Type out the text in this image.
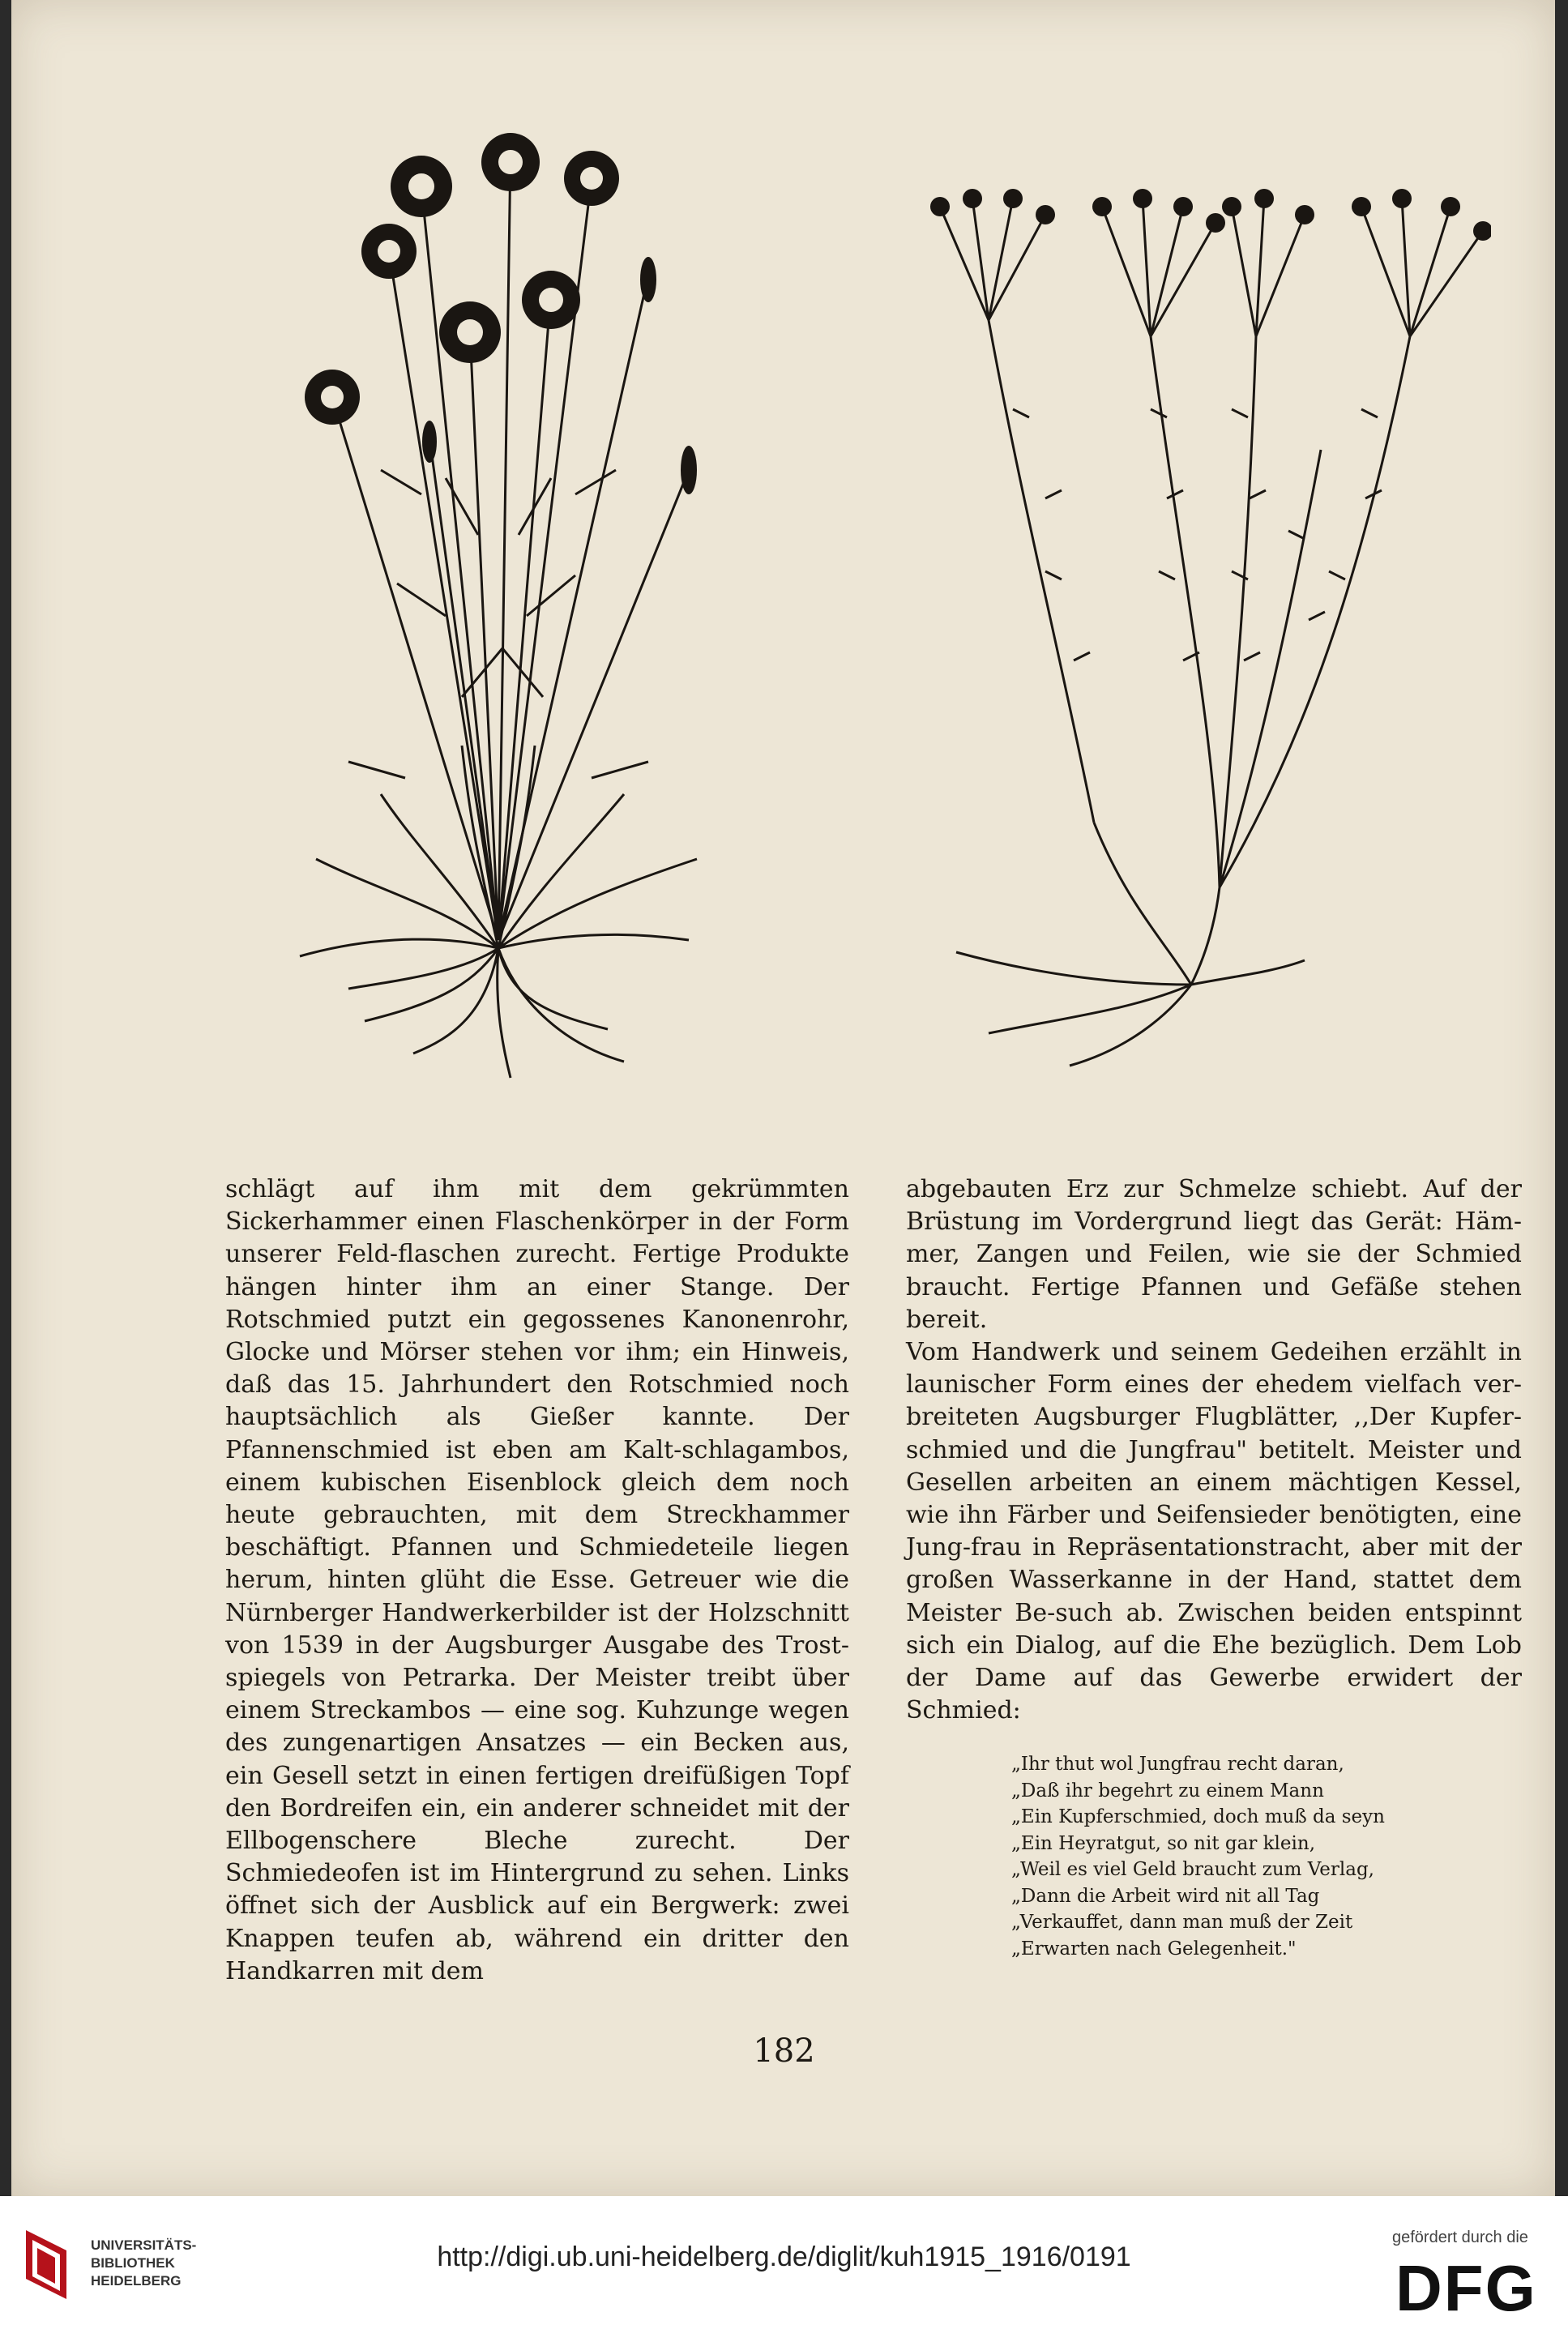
schlägt auf ihm mit dem gekrümmten Sickerhammer einen Flaschenkörper in der Form unserer Feld-flaschen zurecht. Fertige Produkte hängen hinter ihm an einer Stange. Der Rotschmied putzt ein gegossenes Kanonenrohr, Glocke und Mörser stehen vor ihm; ein Hinweis, daß das 15. Jahrhundert den Rotschmied noch hauptsächlich als Gießer kannte. Der Pfannenschmied ist eben am Kalt-schlagambos, einem kubischen Eisenblock gleich dem noch heute gebrauchten, mit dem Streckhammer beschäftigt. Pfannen und Schmiedeteile liegen herum, hinten glüht die Esse. Getreuer wie die Nürnberger Handwerkerbilder ist der Holzschnitt von 1539 in der Augsburger Ausgabe des Trost-spiegels von Petrarka. Der Meister treibt über einem Streckambos — eine sog. Kuhzunge wegen des zungenartigen Ansatzes — ein Becken aus, ein Gesell setzt in einen fertigen dreifüßigen Topf den Bordreifen ein, ein anderer schneidet mit der Ellbogenschere Bleche zurecht. Der Schmiedeofen ist im Hintergrund zu sehen. Links öffnet sich der Ausblick auf ein Bergwerk: zwei Knappen teufen ab, während ein dritter den Handkarren mit dem

abgebauten Erz zur Schmelze schiebt. Auf der Brüstung im Vordergrund liegt das Gerät: Häm-mer, Zangen und Feilen, wie sie der Schmied braucht. Fertige Pfannen und Gefäße stehen bereit.

Vom Handwerk und seinem Gedeihen erzählt in launischer Form eines der ehedem vielfach ver-breiteten Augsburger Flugblätter, ,,Der Kupfer-schmied und die Jungfrau" betitelt. Meister und Gesellen arbeiten an einem mächtigen Kessel, wie ihn Färber und Seifensieder benötigten, eine Jung-frau in Repräsentationstracht, aber mit der großen Wasserkanne in der Hand, stattet dem Meister Be-such ab. Zwischen beiden entspinnt sich ein Dialog, auf die Ehe bezüglich. Dem Lob der Dame auf das Gewerbe erwidert der Schmied:

„Ihr thut wol Jungfrau recht daran,
„Daß ihr begehrt zu einem Mann
„Ein Kupferschmied, doch muß da seyn
„Ein Heyratgut, so nit gar klein,
„Weil es viel Geld braucht zum Verlag,
„Dann die Arbeit wird nit all Tag
„Verkauffet, dann man muß der Zeit
„Erwarten nach Gelegenheit."
182
UNIVERSITÄTS-
BIBLIOTHEK
HEIDELBERG
http://digi.ub.uni-heidelberg.de/diglit/kuh1915_1916/0191
gefördert durch die
DFG
